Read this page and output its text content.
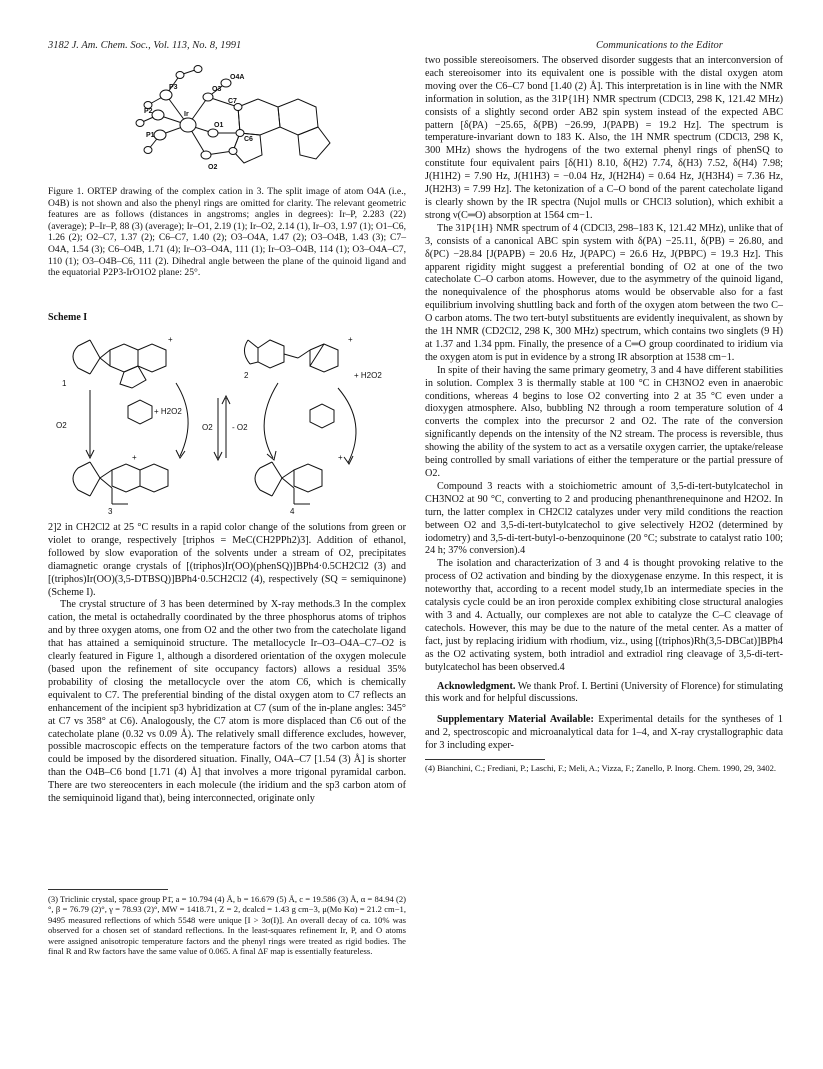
3182 J. Am. Chem. Soc., Vol. 113, No. 8, 1991	Communications to the Editor
O3
P3
O4A
P2	Ir
C6
P1
C7
O1
O2
Figure 1. ORTEP drawing of the complex cation in 3. The split image of atom O4A (i.e., O4B) is not shown and also the phenyl rings are omitted for clarity. The relevant geometric features are as follows (distances in angstroms; angles in degrees): Ir–P, 2.283 (22) (average); P–Ir–P, 88 (3) (average); Ir–O1, 2.19 (1); Ir–O2, 2.14 (1), Ir–O3, 1.97 (1); O1–C6, 1.26 (2); O2–C7, 1.37 (2); C6–C7, 1.40 (2); O3–O4A, 1.47 (2); O3–O4B, 1.43 (3); C7–O4A, 1.54 (3); C6–O4B, 1.71 (4); Ir–O3–O4A, 111 (1); Ir–O3–O4B, 114 (1); O3–O4A–C7, 110 (1); O3–O4B–C6, 111 (2). Dihedral angle between the plane of the quinoid ligand and the equatorial P2P3-IrO1O2 plane: 25°.
Scheme I
1
2
3	4
+ H2O2
+ H2O2
O2	O2 - O2
+	+
+	+

2]2 in CH2Cl2 at 25 °C results in a rapid color change of the solutions from green or violet to orange, respectively [triphos = MeC(CH2PPh2)3]. Addition of ethanol, followed by slow evaporation of the solvents under a stream of O2, precipitates diamagnetic orange crystals of [(triphos)Ir(OO)(phenSQ)]BPh4·0.5CH2Cl2 (3) and [(triphos)Ir(OO)(3,5-DTBSQ)]BPh4·0.5CH2Cl2 (4), respectively (SQ = semiquinone) (Scheme I).

The crystal structure of 3 has been determined by X-ray methods.3 In the complex cation, the metal is octahedrally coordinated by the three phosphorus atoms of triphos and by three oxygen atoms, one from O2 and the other two from the catecholate ligand that has attained a semiquinoid structure. The metallocycle Ir–O3–O4A–C7–O2 is clearly featured in Figure 1, although a disordered orientation of the oxygen molecule (based upon the refinement of site occupancy factors) allows a residual 35% probability of closing the metallocycle over the atom C6, which is chemically equivalent to C7. The preferential binding of the distal oxygen atom to C7 reflects an enhancement of the incipient sp3 hybridization at C7 (sum of the in-plane angles: 345° at C7 vs 358° at C6). Analogously, the C7 atom is more displaced than C6 out of the catecholate plane (0.32 vs 0.09 Å). The relatively small difference excludes, however, possible macroscopic effects on the temperature factors of the two carbon atoms that could be imposed by the disordered situation. Finally, O4A–C7 [1.54 (3) Å] is shorter than the O4B–C6 bond [1.71 (4) Å] that involves a more trigonal pyramidal carbon. There are two stereocenters in each molecule (the iridium and the sp3 carbon atom of the semiquinoid ligand that), being interconnected, originate only

(3) Triclinic crystal, space group P1̄, a = 10.794 (4) Å, b = 16.679 (5) Å, c = 19.586 (3) Å, α = 84.94 (2)°, β = 76.79 (2)°, γ = 78.93 (2)°, MW = 1418.71, Z = 2, dcalcd = 1.43 g cm−3, μ(Mo Kα) = 21.2 cm−1, 9495 measured reflections of which 5548 were unique [I > 3σ(I)]. An overall decay of ca. 10% was observed for a chosen set of standard reflections. In the least-squares refinement Ir, P, and O atoms were assigned anisotropic temperature factors and the phenyl rings were treated as rigid bodies. The final R and Rw factors have the same value of 0.065. A final ΔF map is essentially featureless.

two possible stereoisomers. The observed disorder suggests that an interconversion of each stereoisomer into its equivalent one is possible with the distal oxygen atom moving over the C6–C7 bond [1.40 (2) Å]. This interpretation is in line with the NMR information in solution, as the 31P{1H} NMR spectrum (CDCl3, 298 K, 121.42 MHz) consists of a slightly second order AB2 spin system instead of the expected ABC pattern [δ(PA) −25.65, δ(PB) −26.99, J(PAPB) = 19.2 Hz]. The spectrum is temperature-invariant down to 183 K. Also, the 1H NMR spectrum (CDCl3, 298 K, 300 MHz) shows the hydrogens of the two external phenyl rings of phenSQ to constitute four equivalent pairs [δ(H1) 8.10, δ(H2) 7.74, δ(H3) 7.52, δ(H4) 7.98; J(H1H2) = 7.90 Hz, J(H1H3) = −0.04 Hz, J(H2H4) = 0.64 Hz, J(H3H4) = 7.36 Hz, J(H2H3) = 7.99 Hz]. The ketonization of a C–O bond of the parent catecholate ligand is clearly shown by the IR spectra (Nujol mulls or CHCl3 solution), which exhibit a strong ν(C═O) absorption at 1564 cm−1.

The 31P{1H} NMR spectrum of 4 (CDCl3, 298–183 K, 121.42 MHz), unlike that of 3, consists of a canonical ABC spin system with δ(PA) −25.11, δ(PB) = 26.80, and δ(PC) −28.84 [J(PAPB) = 20.6 Hz, J(PAPC) = 26.6 Hz, J(PBPC) = 19.3 Hz]. This apparent rigidity might suggest a preferential bonding of O2 at one of the two catecholate C–O carbon atoms. However, due to the asymmetry of the quinoid ligand, the nonequivalence of the phosphorus atoms would be observable also for a fast equilibrium involving shuttling back and forth of the oxygen atom between the two C–O carbon atoms. The two tert-butyl substituents are evidently inequivalent, as shown by the 1H NMR (CD2Cl2, 298 K, 300 MHz) spectrum, which contains two singlets (9 H) at 1.37 and 1.34 ppm. Finally, the presence of a C═O group coordinated to iridium via the oxygen atom is put in evidence by a strong IR absorption at 1538 cm−1.

In spite of their having the same primary geometry, 3 and 4 have different stabilities in solution. Complex 3 is thermally stable at 100 °C in CH3NO2 even in anaerobic conditions, whereas 4 begins to lose O2 converting into 2 at 35 °C even under a dioxygen atmosphere. Also, bubbling N2 through a room temperature solution of 4 converts the complex into the precursor 2 and O2. The rate of the conversion significantly depends on the intensity of the N2 stream. The process is reversible, thus showing the ability of the system to act as a versatile oxygen carrier, the uptake/release being controlled by small variations of either the temperature or the partial pressure of O2.

Compound 3 reacts with a stoichiometric amount of 3,5-di-tert-butylcatechol in CH3NO2 at 90 °C, converting to 2 and producing phenanthrenequinone and H2O2. In turn, the latter complex in CH2Cl2 catalyzes under very mild conditions the reaction between O2 and 3,5-di-tert-butylcatechol to give selectively H2O2 (determined by iodometry) and 3,5-di-tert-butyl-o-benzoquinone (20 °C; substrate to catalyst ratio 100; 24 h; 37% conversion).4

The isolation and characterization of 3 and 4 is thought provoking relative to the process of O2 activation and binding by the dioxygenase enzyme. In this respect, it is noteworthy that, according to a recent model study,1b an intermediate species in the catalysis cycle could be an iron peroxide complex exhibiting close structural analogies with 3 and 4. Actually, our complexes are not able to catalyze the C–C cleavage of catechols. However, this may be due to the nature of the metal center. As a matter of fact, just by replacing iridium with rhodium, viz., using [(triphos)Rh(3,5-DBCat)]BPh4 as the O2 activating system, both intradiol and extradiol ring cleavage of 3,5-di-tert-butylcatechol has been observed.4

Acknowledgment. We thank Prof. I. Bertini (University of Florence) for stimulating this work and for helpful discussions.

Supplementary Material Available: Experimental details for the syntheses of 1 and 2, spectroscopic and microanalytical data for 1–4, and X-ray crystallographic data for 3 including exper-

(4) Bianchini, C.; Frediani, P.; Laschi, F.; Meli, A.; Vizza, F.; Zanello, P. Inorg. Chem. 1990, 29, 3402.
